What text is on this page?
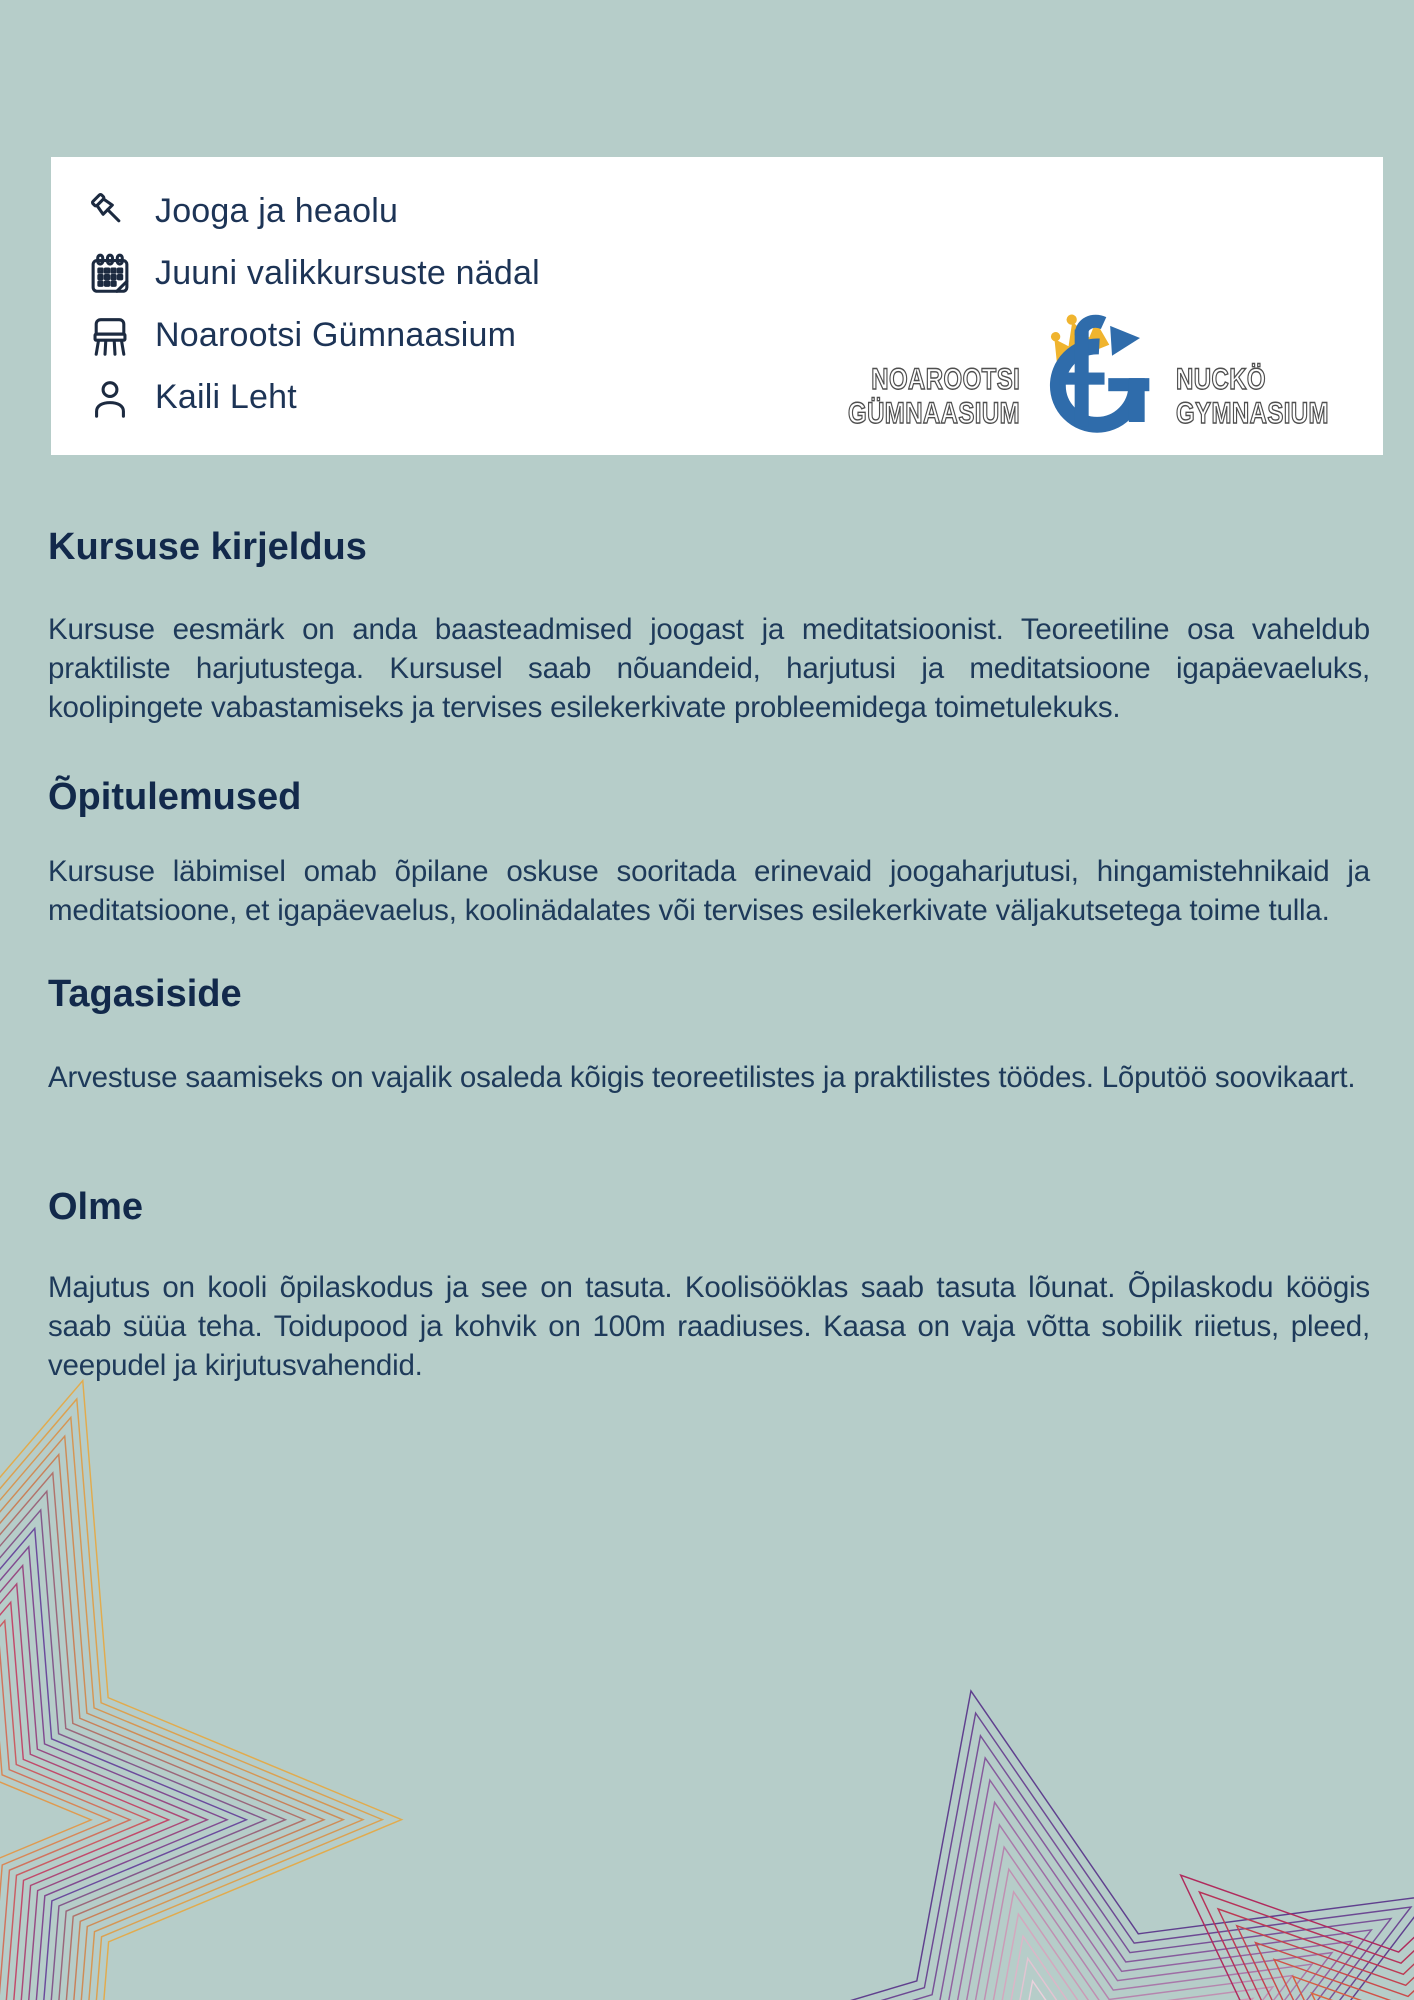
Jooga ja heaolu
Juuni valikkursuste nädal
Noarootsi Gümnaasium
Kaili Leht	NOAROOTSI
GÜMNAASIUM
NUCKÖ
GYMNASIUM
Kursuse kirjeldus

Kursuse eesmärk on anda baasteadmised joogast ja meditatsioonist. Teoreetiline osa vaheldub praktiliste harjutustega. Kursusel saab nõuandeid, harjutusi ja meditatsioone igapäevaeluks, koolipingete vabastamiseks ja tervises esilekerkivate probleemidega toimetulekuks.

Õpitulemused

Kursuse läbimisel omab õpilane oskuse sooritada erinevaid joogaharjutusi, hingamistehnikaid ja meditatsioone, et igapäevaelus, koolinädalates või tervises esilekerkivate väljakutsetega toime tulla.

Tagasiside

Arvestuse saamiseks on vajalik osaleda kõigis teoreetilistes ja praktilistes töödes. Lõputöö soovikaart.

Olme

Majutus on kooli õpilaskodus ja see on tasuta. Koolisööklas saab tasuta lõunat. Õpilaskodu köögis saab süüa teha. Toidupood ja kohvik on 100m raadiuses. Kaasa on vaja võtta sobilik riietus, pleed, veepudel ja kirjutusvahendid.
